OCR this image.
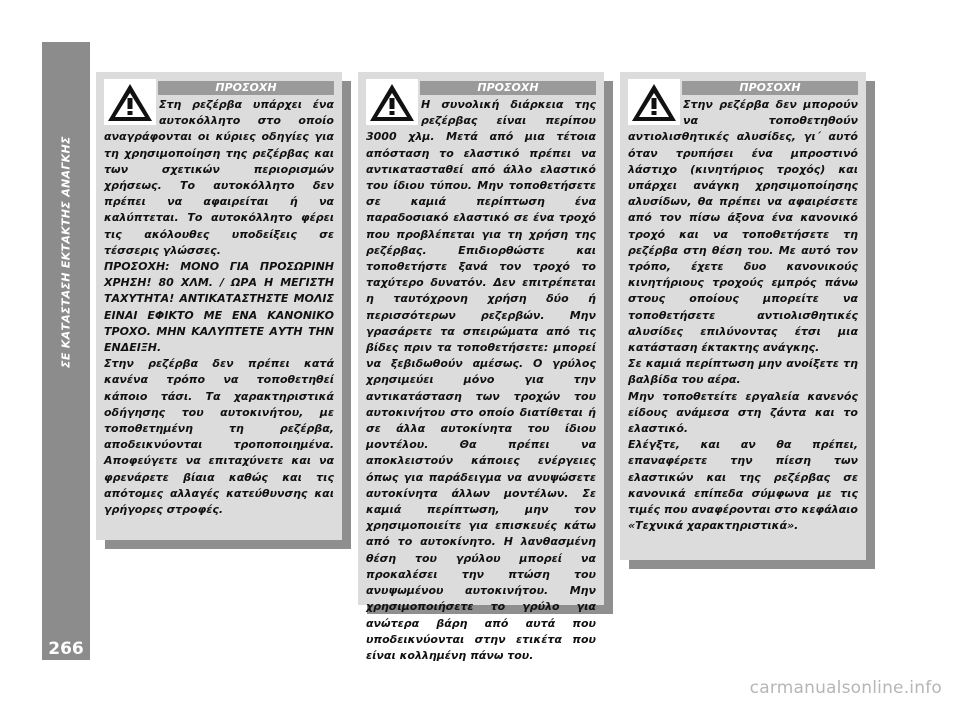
ΣΕ ΚΑΤΑΣΤΑΣΗ ΕΚΤΑΚΤΗΣ ΑΝΑΓΚΗΣ
266
ΠΡΟΣΟΧΗ

Στη ρεζέρβα υπάρχει ένα αυτοκόλλητο στο οποίο αναγράφονται οι κύριες οδηγίες για τη χρησιμοποίηση της ρεζέρβας και των σχετικών περιορισμών χρήσεως. Το αυτοκόλλητο δεν πρέπει να αφαιρείται ή να καλύπτεται. Το αυτοκόλλητο φέρει τις ακόλουθες υποδείξεις σε τέσσερις γλώσσες.

ΠΡΟΣΟΧΗ: ΜΟΝΟ ΓΙΑ ΠΡΟΣΩΡΙΝΗ ΧΡΗΣΗ! 80 ΧΛΜ. / ΩΡΑ Η ΜΕΓΙΣΤΗ ΤΑΧΥΤΗΤΑ! ΑΝΤΙΚΑΤΑΣΤΗΣΤΕ ΜΟΛΙΣ ΕΙΝΑΙ ΕΦΙΚΤΟ ΜΕ ΕΝΑ ΚΑΝΟΝΙΚΟ ΤΡΟΧΟ. ΜΗΝ ΚΑΛΥΠΤΕΤΕ ΑΥΤΗ ΤΗΝ ΕΝΔΕΙΞΗ.

Στην ρεζέρβα δεν πρέπει κατά κανένα τρόπο να τοποθετηθεί κάποιο τάσι. Τα χαρακτηριστικά οδήγησης του αυτοκινήτου, με τοποθετημένη τη ρεζέρβα, αποδεικνύονται τροποποιημένα. Αποφεύγετε να επιταχύνετε και να φρενάρετε βίαια καθώς και τις απότομες αλλαγές κατεύθυνσης και γρήγορες στροφές.

ΠΡΟΣΟΧΗ

Η συνολική διάρκεια της ρεζέρβας είναι περίπου 3000 χλμ. Μετά από μια τέτοια απόσταση το ελαστικό πρέπει να αντικατασταθεί από άλλο ελαστικό του ίδιου τύπου. Μην τοποθετήσετε σε καμιά περίπτωση ένα παραδοσιακό ελαστικό σε ένα τροχό που προβλέπεται για τη χρήση της ρεζέρβας. Επιδιορθώστε και τοποθετήστε ξανά τον τροχό το ταχύτερο δυνατόν. Δεν επιτρέπεται η ταυτόχρονη χρήση δύο ή περισσότερων ρεζερβών. Μην γρασάρετε τα σπειρώματα από τις βίδες πριν τα τοποθετήσετε: μπορεί να ξεβιδωθούν αμέσως. Ο γρύλος χρησιμεύει μόνο για την αντικατάσταση των τροχών του αυτοκινήτου στο οποίο διατίθεται ή σε άλλα αυτοκίνητα του ίδιου μοντέλου. Θα πρέπει να αποκλειστούν κάποιες ενέργειες όπως για παράδειγμα να ανυψώσετε αυτοκίνητα άλλων μοντέλων. Σε καμιά περίπτωση, μην τον χρησιμοποιείτε για επισκευές κάτω από το αυτοκίνητο. Η λανθασμένη θέση του γρύλου μπορεί να προκαλέσει την πτώση του ανυψωμένου αυτοκινήτου. Μην χρησιμοποιήσετε το γρύλο για ανώτερα βάρη από αυτά που υποδεικνύονται στην ετικέτα που είναι κολλημένη πάνω του.

ΠΡΟΣΟΧΗ

Στην ρεζέρβα δεν μπορούν να τοποθετηθούν αντιολισθητικές αλυσίδες, γι΄ αυτό όταν τρυπήσει ένα μπροστινό λάστιχο (κινητήριος τροχός) και υπάρχει ανάγκη χρησιμοποίησης αλυσίδων, θα πρέπει να αφαιρέσετε από τον πίσω άξονα ένα κανονικό τροχό και να τοποθετήσετε τη ρεζέρβα στη θέση του. Με αυτό τον τρόπο, έχετε δυο κανονικούς κινητήριους τροχούς εμπρός πάνω στους οποίους μπορείτε να τοποθετήσετε αντιολισθητικές αλυσίδες επιλύνοντας έτσι μια κατάσταση έκτακτης ανάγκης.

Σε καμιά περίπτωση μην ανοίξετε τη βαλβίδα του αέρα.

Μην τοποθετείτε εργαλεία κανενός είδους ανάμεσα στη ζάντα και το ελαστικό.

Ελέγξτε, και αν θα πρέπει, επαναφέρετε την πίεση των ελαστικών και της ρεζέρβας σε κανονικά επίπεδα σύμφωνα με τις τιμές που αναφέρονται στο κεφάλαιο «Τεχνικά χαρακτηριστικά».

carmanualsonline.info
